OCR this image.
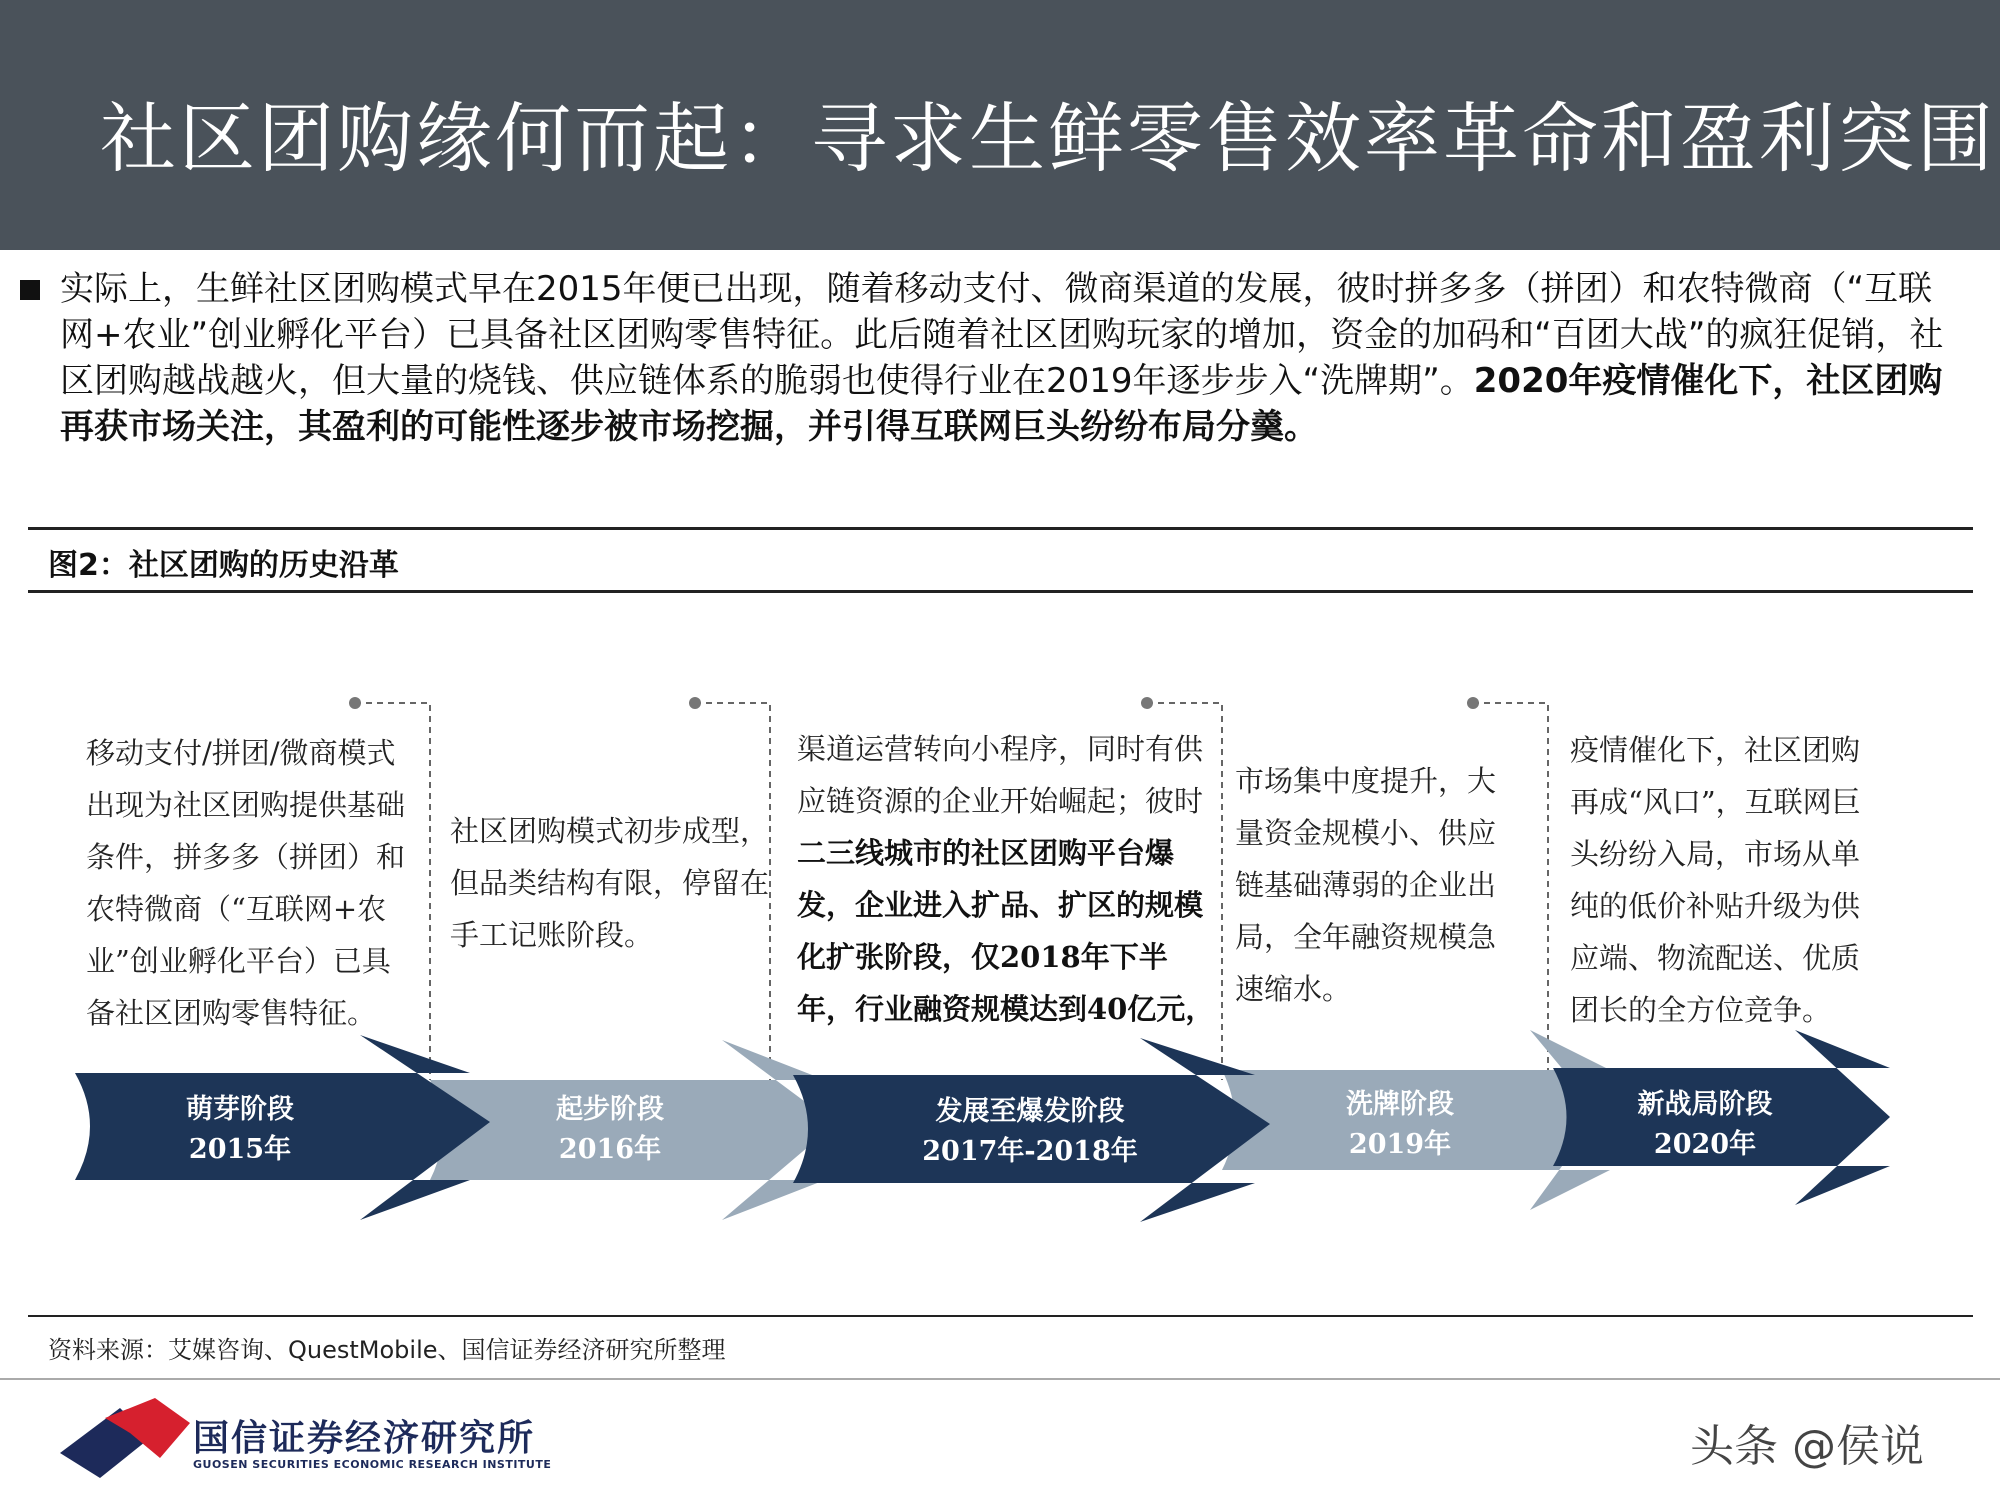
社区团购缘何而起：寻求生鲜零售效率革命和盈利突围
实际上，生鲜社区团购模式早在2015年便已出现，随着移动支付、微商渠道的发展，彼时拼多多（拼团）和农特微商（“互联网+农业”创业孵化平台）已具备社区团购零售特征。此后随着社区团购玩家的增加，资金的加码和“百团大战”的疯狂促销，社区团购越战越火，但大量的烧钱、供应链体系的脆弱也使得行业在2019年逐步步入“洗牌期”。2020年疫情催化下，社区团购再获市场关注，其盈利的可能性逐步被市场挖掘，并引得互联网巨头纷纷布局分羹。
图2：社区团购的历史沿革
移动支付/拼团/微商模式出现为社区团购提供基础条件，拼多多（拼团）和农特微商（“互联网+农业”创业孵化平台）已具备社区团购零售特征。
社区团购模式初步成型，但品类结构有限，停留在手工记账阶段。
渠道运营转向小程序，同时有供应链资源的企业开始崛起；彼时二三线城市的社区团购平台爆发，企业进入扩品、扩区的规模化扩张阶段，仅2018年下半年，行业融资规模达到40亿元，
市场集中度提升，大量资金规模小、供应链基础薄弱的企业出局，全年融资规模急速缩水。
疫情催化下，社区团购再成“风口”，互联网巨头纷纷入局，市场从单纯的低价补贴升级为供应端、物流配送、优质团长的全方位竞争。
萌芽阶段
2015年
起步阶段
2016年
发展至爆发阶段
2017年-2018年
洗牌阶段
2019年
新战局阶段
2020年
资料来源：艾媒咨询、QuestMobile、国信证券经济研究所整理
国信证券经济研究所
GUOSEN SECURITIES ECONOMIC RESEARCH INSTITUTE	头条 @侯说
